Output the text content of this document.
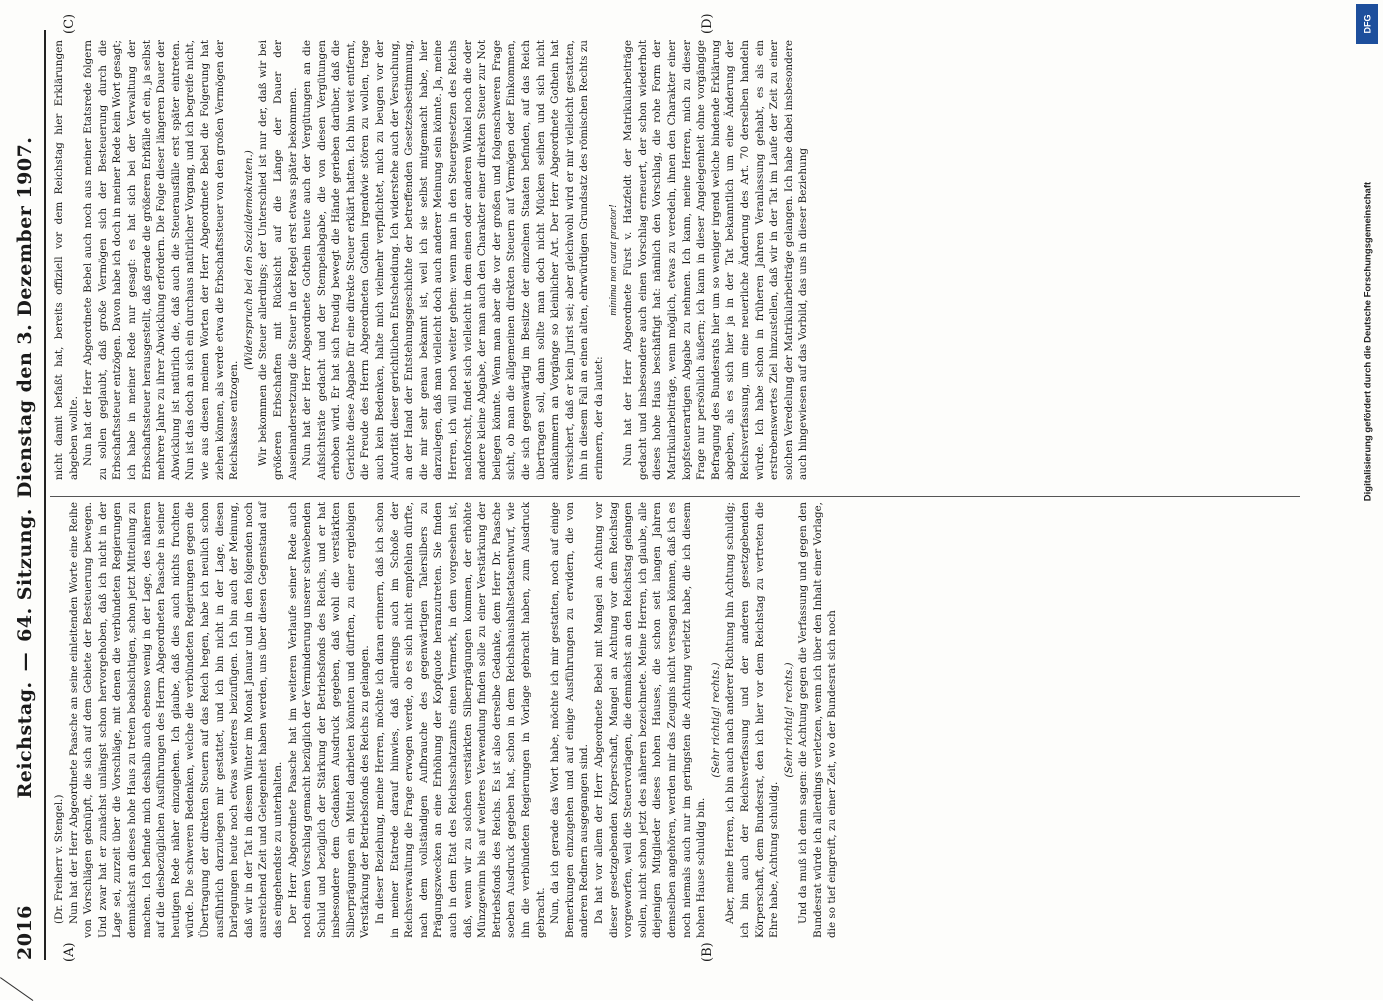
2016
Reichstag.
—
64. Sitzung.
Dienstag den 3. Dezember 1907.
(A)	(B)
(C)	(D)

(Dr. Freiherr v. Stengel.) Nun hat der Herr Abgeordnete Paasche an seine einleitenden Worte eine Reihe von Vorschlägen geknüpft, die sich auf dem Gebiete der Besteuerung bewegen. Und zwar hat er zunächst unlängst schon hervorgehoben, daß ich nicht in der Lage sei, zurzeit über die Vorschläge, mit denen die verbündeten Regierungen demnächst an dieses hohe Haus zu treten beabsichtigen, schon jetzt Mitteilung zu machen. Ich befinde mich deshalb auch ebenso wenig in der Lage, des näheren auf die diesbezüglichen Ausführungen des Herrn Abgeordneten Paasche in seiner heutigen Rede näher einzugehen. Ich glaube, daß dies auch nichts fruchten würde. Die schweren Bedenken, welche die verbündeten Regierungen gegen die Übertragung der direkten Steuern auf das Reich hegen, habe ich neulich schon ausführlich darzulegen mir gestattet, und ich bin nicht in der Lage, diesen Darlegungen heute noch etwas weiteres beizufügen. Ich bin auch der Meinung, daß wir in der Tat in diesem Winter im Monat Januar und in den folgenden noch ausreichend Zeit und Gelegenheit haben werden, uns über diesen Gegenstand auf das eingehendste zu unterhalten. Der Herr Abgeordnete Paasche hat im weiteren Verlaufe seiner Rede auch noch einen Vorschlag gemacht bezüglich der Verminderung unserer schwebenden Schuld und bezüglich der Stärkung der Betriebsfonds des Reichs, und er hat insbesondere dem Gedanken Ausdruck gegeben, daß wohl die verstärkten Silberprägungen ein Mittel darbieten könnten und dürften, zu einer ergiebigen Verstärkung der Betriebsfonds des Reichs zu gelangen. In dieser Beziehung, meine Herren, möchte ich daran erinnern, daß ich schon in meiner Etatrede darauf hinwies, daß allerdings auch im Schoße der Reichsverwaltung die Frage erwogen werde, ob es sich nicht empfehlen dürfte, nach dem vollständigen Aufbrauche des gegenwärtigen Talersilbers zu Prägungszwecken an eine Erhöhung der Kopfquote heranzutreten. Sie finden auch in dem Etat des Reichsschatzamts einen Vermerk, in dem vorgesehen ist, daß, wenn wir zu solchen verstärkten Silberprägungen kommen, der erhöhte Münzgewinn bis auf weiteres Verwendung finden solle zu einer Verstärkung der Betriebsfonds des Reichs. Es ist also derselbe Gedanke, dem Herr Dr. Paasche soeben Ausdruck gegeben hat, schon in dem Reichshaushaltsetatsentwurf, wie ihn die verbündeten Regierungen in Vorlage gebracht haben, zum Ausdruck gebracht. Nun, da ich gerade das Wort habe, möchte ich mir gestatten, noch auf einige Bemerkungen einzugehen und auf einige Ausführungen zu erwidern, die von anderen Rednern ausgegangen sind. Da hat vor allem der Herr Abgeordnete Bebel mit Mangel an Achtung vor dieser gesetzgebenden Körperschaft, Mangel an Achtung vor dem Reichstag vorgeworfen, weil die Steuervorlagen, die demnächst an den Reichstag gelangen sollen, nicht schon jetzt des näheren bezeichnete. Meine Herren, ich glaube, alle diejenigen Mitglieder dieses hohen Hauses, die schon seit langen Jahren demselben angehören, werden mir das Zeugnis nicht versagen können, daß ich es noch niemals auch nur im geringsten die Achtung verletzt habe, die ich diesem hohen Hause schuldig bin.

(Sehr richtig! rechts.) Aber, meine Herren, ich bin auch nach anderer Richtung hin Achtung schuldig; ich bin auch der Reichsverfassung und der anderen gesetzgebenden Körperschaft, dem Bundesrat, den ich hier vor dem Reichstag zu vertreten die Ehre habe, Achtung schuldig.

(Sehr richtig! rechts.) Und da muß ich denn sagen: die Achtung gegen die Verfassung und gegen den Bundesrat würde ich allerdings verletzen, wenn ich über den Inhalt einer Vorlage, die so tief eingreift, zu einer Zeit, wo der Bundesrat sich noch

nicht damit befaßt hat, bereits offiziell vor dem Reichstag hier Erklärungen abgeben wollte. Nun hat der Herr Abgeordnete Bebel auch noch aus meiner Etatsrede folgern zu sollen geglaubt, daß große Vermögen sich der Besteuerung durch die Erbschaftssteuer entzögen. Davon habe ich doch in meiner Rede kein Wort gesagt; ich habe in meiner Rede nur gesagt: es hat sich bei der Verwaltung der Erbschaftssteuer herausgestellt, daß gerade die größeren Erbfälle oft ein, ja selbst mehrere Jahre zu ihrer Abwicklung erfordern. Die Folge dieser längeren Dauer der Abwicklung ist natürlich die, daß auch die Steuerausfälle erst später eintreten. Nun ist das doch an sich ein durchaus natürlicher Vorgang, und ich begreife nicht, wie aus diesen meinen Worten der Herr Abgeordnete Bebel die Folgerung hat ziehen können, als werde etwa die Erbschaftssteuer von den großen Vermögen der Reichskasse entzogen.

(Widerspruch bei den Sozialdemokraten.) Wir bekommen die Steuer allerdings; der Unterschied ist nur der, daß wir bei größeren Erbschaften mit Rücksicht auf die Länge der Dauer der Auseinandersetzung die Steuer in der Regel erst etwas später bekommen. Nun hat der Herr Abgeordnete Gothein heute auch der Vergütungen an die Aufsichtsräte gedacht und der Stempelabgabe, die von diesen Vergütungen erhoben wird. Er hat sich freudig bewegt die Hände gerieben darüber, daß die Gerichte diese Abgabe für eine direkte Steuer erklärt hatten. Ich bin weit entfernt, die Freude des Herrn Abgeordneten Gothein irgendwie stören zu wollen, trage auch kein Bedenken, halte mich vielmehr verpflichtet, mich zu beugen vor der Autorität dieser gerichtlichen Entscheidung. Ich widerstehe auch der Versuchung, an der Hand der Entstehungsgeschichte der betreffenden Gesetzesbestimmung, die mir sehr genau bekannt ist, weil ich sie selbst mitgemacht habe, hier darzulegen, daß man vielleicht doch auch anderer Meinung sein könnte. Ja, meine Herren, ich will noch weiter gehen: wenn man in den Steuergesetzen des Reichs nachforscht, findet sich vielleicht in dem einen oder anderen Winkel noch die oder andere kleine Abgabe, der man auch den Charakter einer direkten Steuer zur Not beilegen könnte. Wenn man aber die vor der großen und folgenschweren Frage sicht, ob man die allgemeinen direkten Steuern auf Vermögen oder Einkommen, die sich gegenwärtig im Besitze der einzelnen Staaten befinden, auf das Reich übertragen soll, dann sollte man doch nicht Mücken seihen und sich nicht anklammern an Vorgänge so kleinlicher Art. Der Herr Abgeordnete Gothein hat versichert, daß er kein Jurist sei; aber gleichwohl wird er mir vielleicht gestatten, ihn in diesem Fall an einen alten, ehrwürdigen Grundsatz des römischen Rechts zu erinnern, der da lautet:

minima non curat praetor! Nun hat der Herr Abgeordnete Fürst v. Hatzfeldt der Matrikularbeiträge gedacht und insbesondere auch einen Vorschlag erneuert, der schon wiederholt dieses hohe Haus beschäftigt hat: nämlich den Vorschlag, die rohe Form der Matrikularbeiträge, wenn möglich, etwas zu veredeln, ihnen den Charakter einer kopfsteuerartigen Abgabe zu nehmen. Ich kann, meine Herren, mich zu dieser Frage nur persönlich äußern; ich kann in dieser Angelegenheit ohne vorgängige Befragung des Bundesrats hier um so weniger irgend welche bindende Erklärung abgeben, als es sich hier ja in der Tat bekanntlich um eine Änderung der Reichsverfassung, um eine neuerliche Änderung des Art. 70 derselben handeln würde. Ich habe schon in früheren Jahren Veranlassung gehabt, es als ein erstrebenswertes Ziel hinzustellen, daß wir in der Tat im Laufe der Zeit zu einer solchen Veredelung der Matrikularbeiträge gelangen. Ich habe dabei insbesondere auch hingewiesen auf das Vorbild, das uns in dieser Beziehung

DFG
Digitalisierung gefördert durch die Deutsche Forschungsgemeinschaft
